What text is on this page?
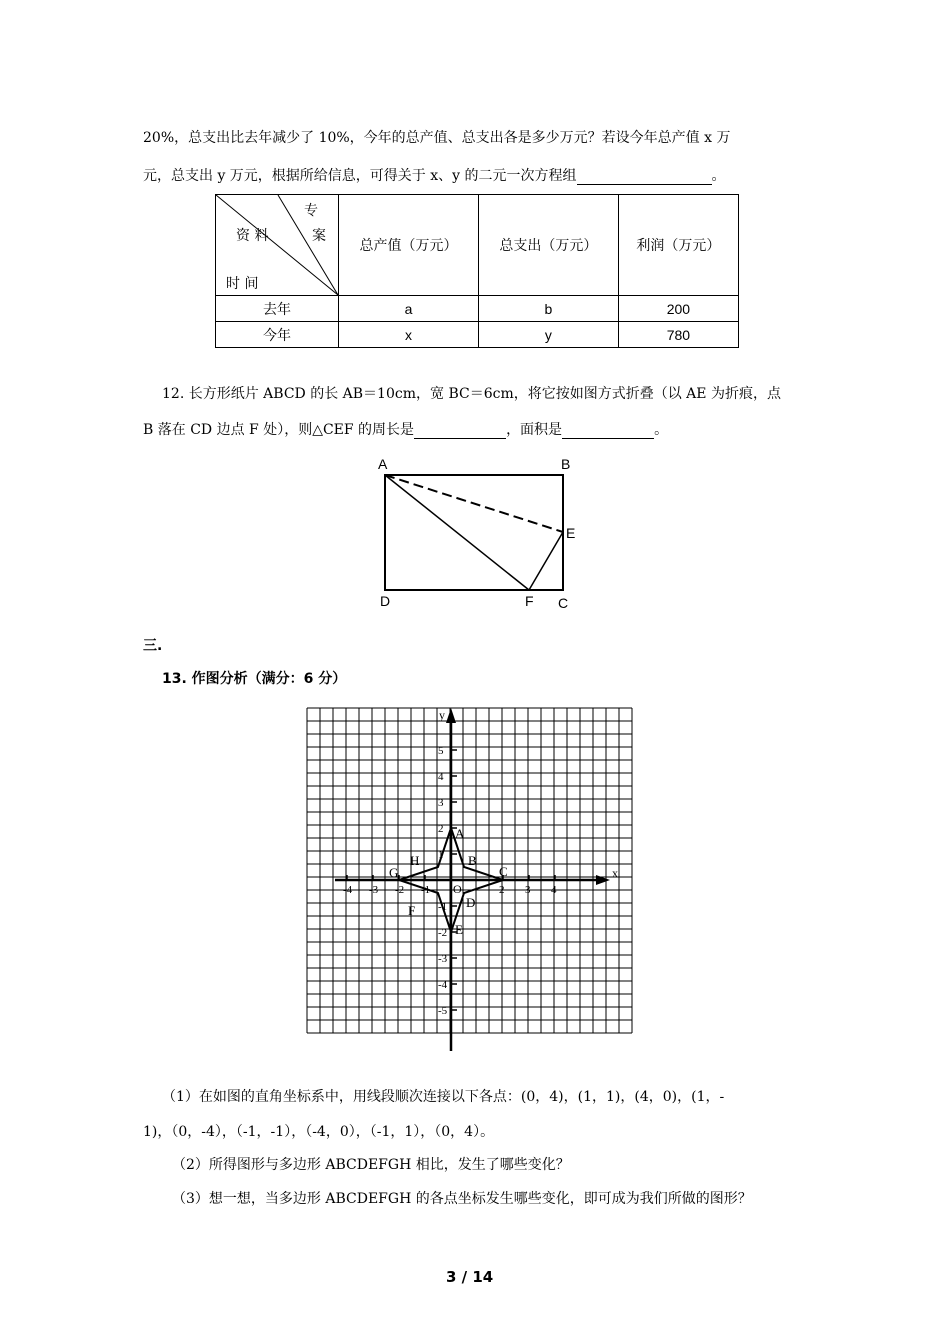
20%，总支出比去年减少了 10%，今年的总产值、总支出各是多少万元？若设今年总产值 x 万
元，总支出 y 万元，根据所给信息，可得关于 x、y 的二元一次方程组	。
专
案
资 料
时 间	总产值（万元）	总支出（万元）	利润（万元）
去年	a	b	200
今年	x	y	780
12. 长方形纸片 ABCD 的长 AB＝10cm，宽 BC＝6cm，将它按如图方式折叠（以 AE 为折痕，点
B 落在 CD 边点 F 处），则△CEF 的周长是	，面积是	。
A	B
E
D	F C
三.
13. 作图分析（满分：6 分）
-4 -3 -2 -1	2 3 4
5
4
3
2
1
-1
-2
-3
-4
-5
A
B
C
D
E
F
G
H
x
y
O
（1）在如图的直角坐标系中，用线段顺次连接以下各点：(0，4)，(1，1)，(4，0)，(1，-
1)，（0，-4），（-1，-1），（-4，0），（-1，1），（0，4）。
（2）所得图形与多边形 ABCDEFGH 相比，发生了哪些变化？
（3）想一想，当多边形 ABCDEFGH 的各点坐标发生哪些变化，即可成为我们所做的图形？
3 / 14
